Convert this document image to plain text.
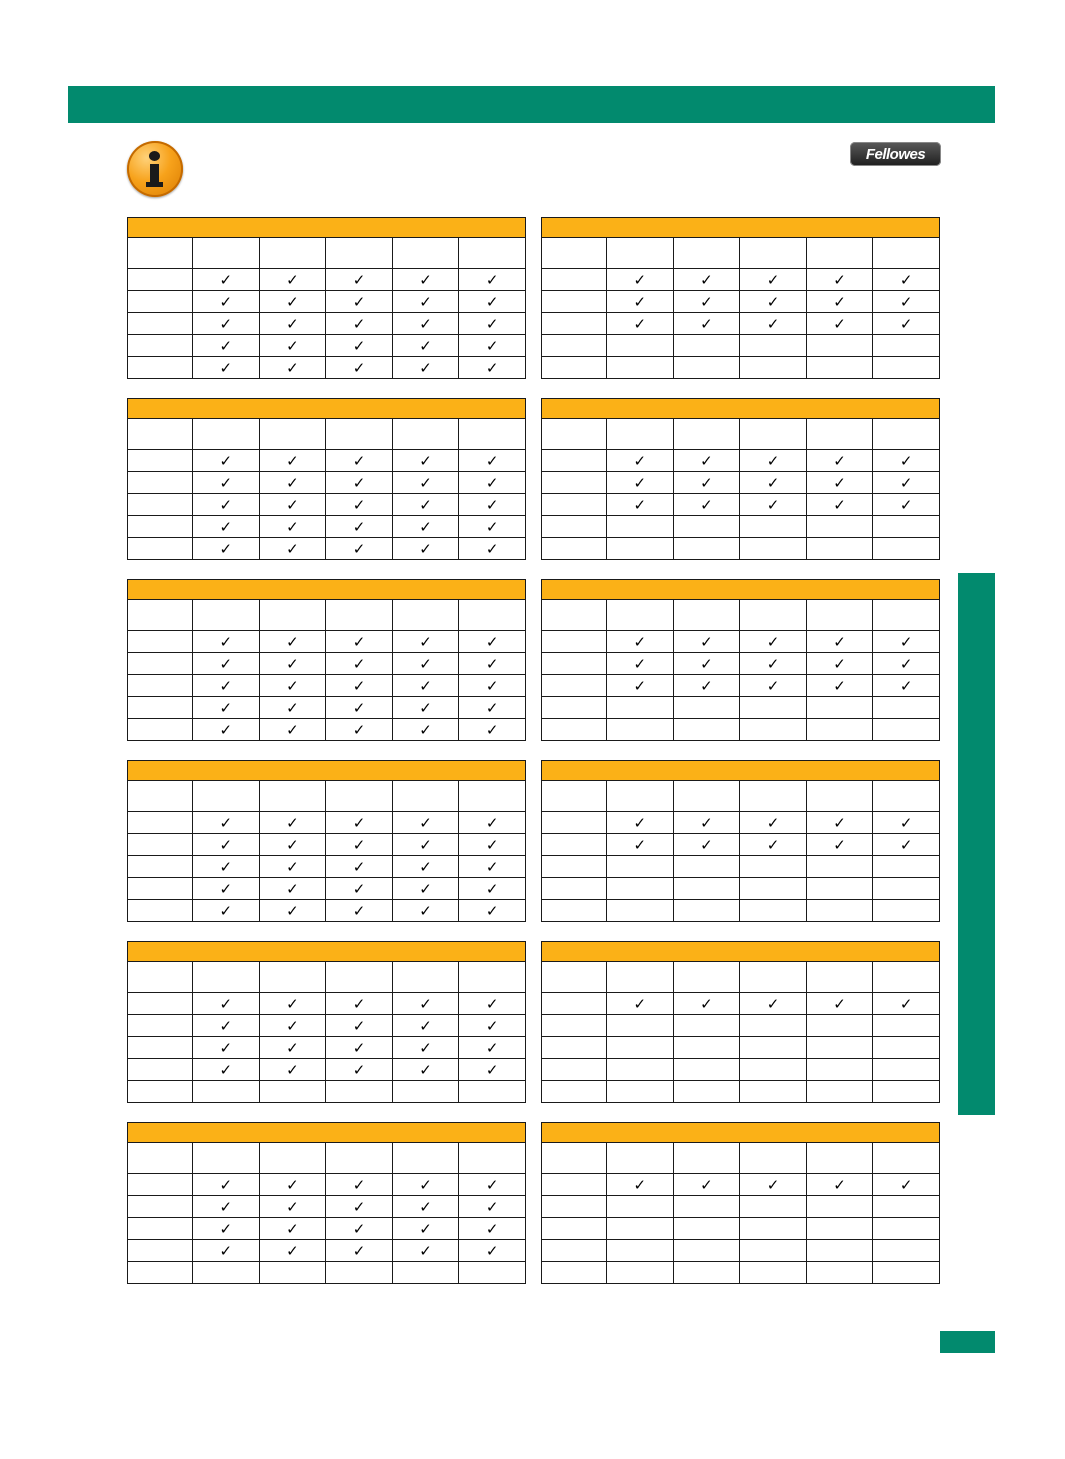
Fellowes

	✓	✓	✓	✓	✓
	✓	✓	✓	✓	✓
	✓	✓	✓	✓	✓
	✓	✓	✓	✓	✓
	✓	✓	✓	✓	✓

	✓	✓	✓	✓	✓
	✓	✓	✓	✓	✓
	✓	✓	✓	✓	✓

	✓	✓	✓	✓	✓
	✓	✓	✓	✓	✓
	✓	✓	✓	✓	✓
	✓	✓	✓	✓	✓
	✓	✓	✓	✓	✓

	✓	✓	✓	✓	✓
	✓	✓	✓	✓	✓
	✓	✓	✓	✓	✓

	✓	✓	✓	✓	✓
	✓	✓	✓	✓	✓
	✓	✓	✓	✓	✓
	✓	✓	✓	✓	✓
	✓	✓	✓	✓	✓

	✓	✓	✓	✓	✓
	✓	✓	✓	✓	✓
	✓	✓	✓	✓	✓

	✓	✓	✓	✓	✓
	✓	✓	✓	✓	✓
	✓	✓	✓	✓	✓
	✓	✓	✓	✓	✓
	✓	✓	✓	✓	✓

	✓	✓	✓	✓	✓
	✓	✓	✓	✓	✓

	✓	✓	✓	✓	✓
	✓	✓	✓	✓	✓
	✓	✓	✓	✓	✓
	✓	✓	✓	✓	✓

	✓	✓	✓	✓	✓

	✓	✓	✓	✓	✓
	✓	✓	✓	✓	✓
	✓	✓	✓	✓	✓
	✓	✓	✓	✓	✓

	✓	✓	✓	✓	✓
